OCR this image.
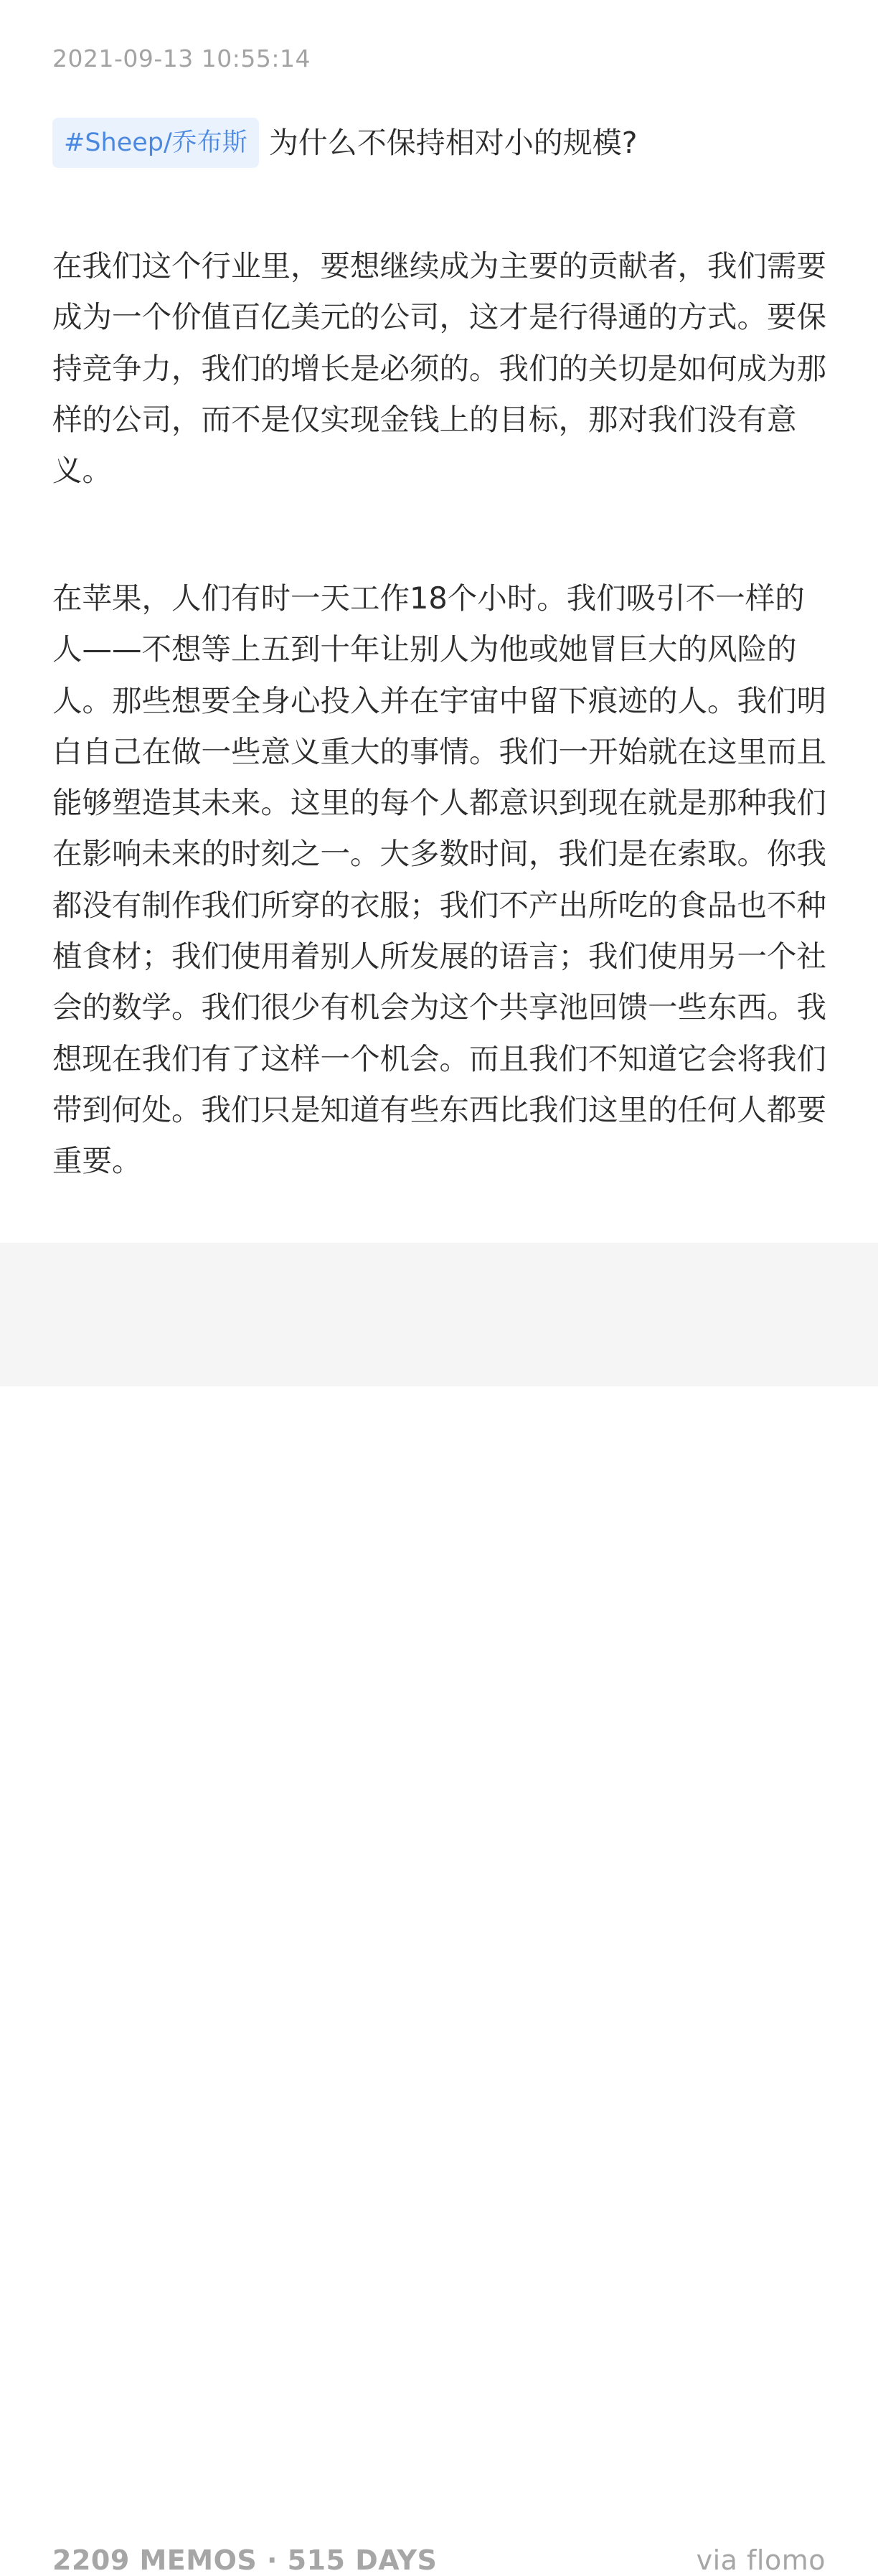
2021-09-13 10:55:14
#Sheep/乔布斯 为什么不保持相对小的规模?

在我们这个行业里，要想继续成为主要的贡献者，我们需要成为一个价值百亿美元的公司，这才是行得通的方式。要保持竞争力，我们的增长是必须的。我们的关切是如何成为那样的公司，而不是仅实现金钱上的目标，那对我们没有意义。

在苹果，人们有时一天工作18个小时。我们吸引不一样的人——不想等上五到十年让别人为他或她冒巨大的风险的人。那些想要全身心投入并在宇宙中留下痕迹的人。我们明白自己在做一些意义重大的事情。我们一开始就在这里而且能够塑造其未来。这里的每个人都意识到现在就是那种我们在影响未来的时刻之一。大多数时间，我们是在索取。你我都没有制作我们所穿的衣服；我们不产出所吃的食品也不种植食材；我们使用着别人所发展的语言；我们使用另一个社会的数学。我们很少有机会为这个共享池回馈一些东西。我想现在我们有了这样一个机会。而且我们不知道它会将我们带到何处。我们只是知道有些东西比我们这里的任何人都要重要。

2209 MEMOS · 515 DAYS	via flomo
